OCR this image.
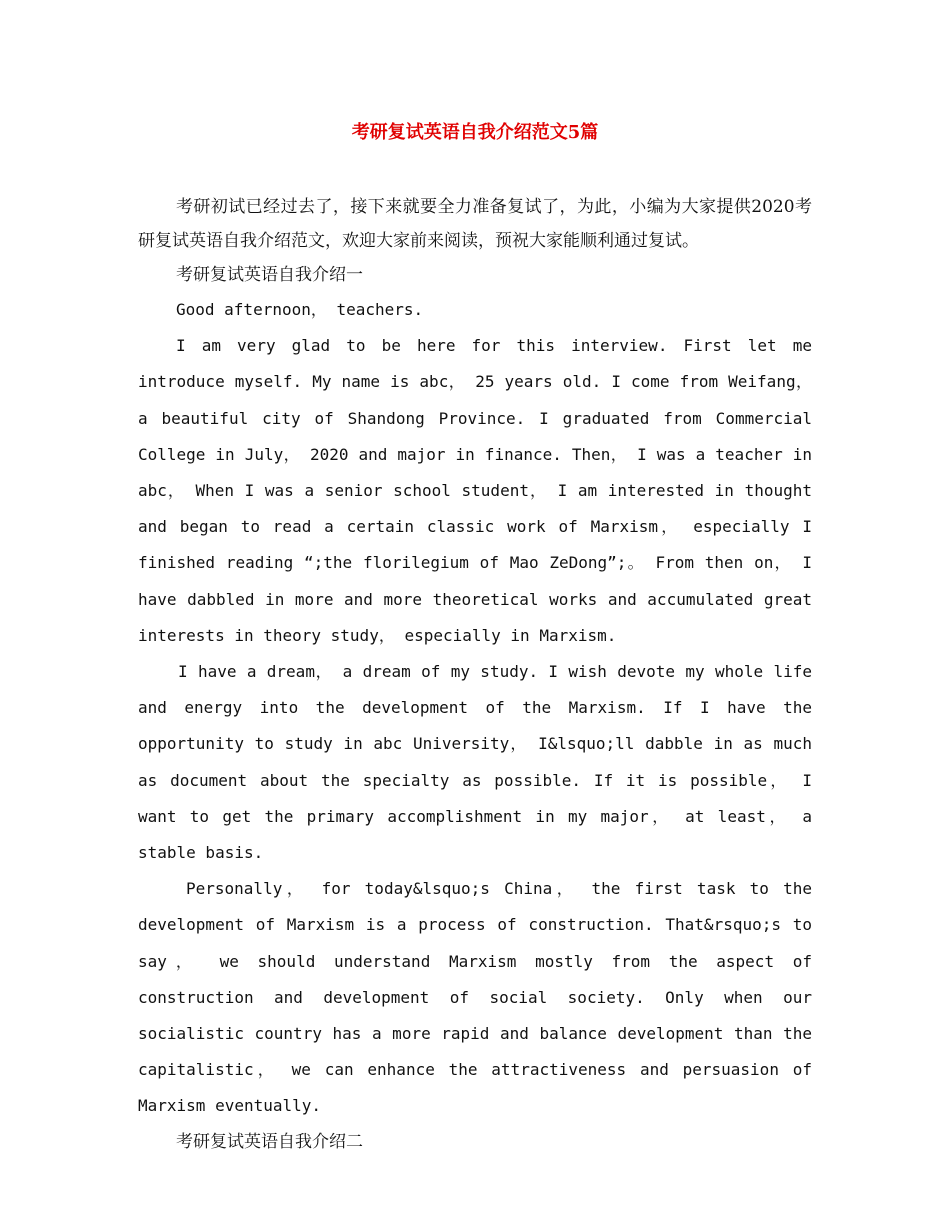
考研复试英语自我介绍范文5篇

考研初试已经过去了，接下来就要全力准备复试了，为此，小编为大家提供2020考研复试英语自我介绍范文，欢迎大家前来阅读，预祝大家能顺利通过复试。

考研复试英语自我介绍一

Good afternoon， teachers.

I am very glad to be here for this interview. First let me introduce myself. My name is abc， 25 years old. I come from Weifang， a beautiful city of Shandong Province. I graduated from Commercial College in July， 2020 and major in finance. Then， I was a teacher in abc， When I was a senior school student， I am interested in thought and began to read a certain classic work of Marxism， especially I finished reading “;the florilegium of Mao ZeDong”;。 From then on， I have dabbled in more and more theoretical works and accumulated great interests in theory study， especially in Marxism.

I have a dream， a dream of my study. I wish devote my whole life and energy into the development of the Marxism. If I have the opportunity to study in abc University， I&lsquo;ll dabble in as much as document about the specialty as possible. If it is possible， I want to get the primary accomplishment in my major， at least， a stable basis.

Personally， for today&lsquo;s China， the first task to the development of Marxism is a process of construction. That&rsquo;s to say， we should understand Marxism mostly from the aspect of construction and development of social society. Only when our socialistic country has a more rapid and balance development than the capitalistic， we can enhance the attractiveness and persuasion of Marxism eventually.

考研复试英语自我介绍二
